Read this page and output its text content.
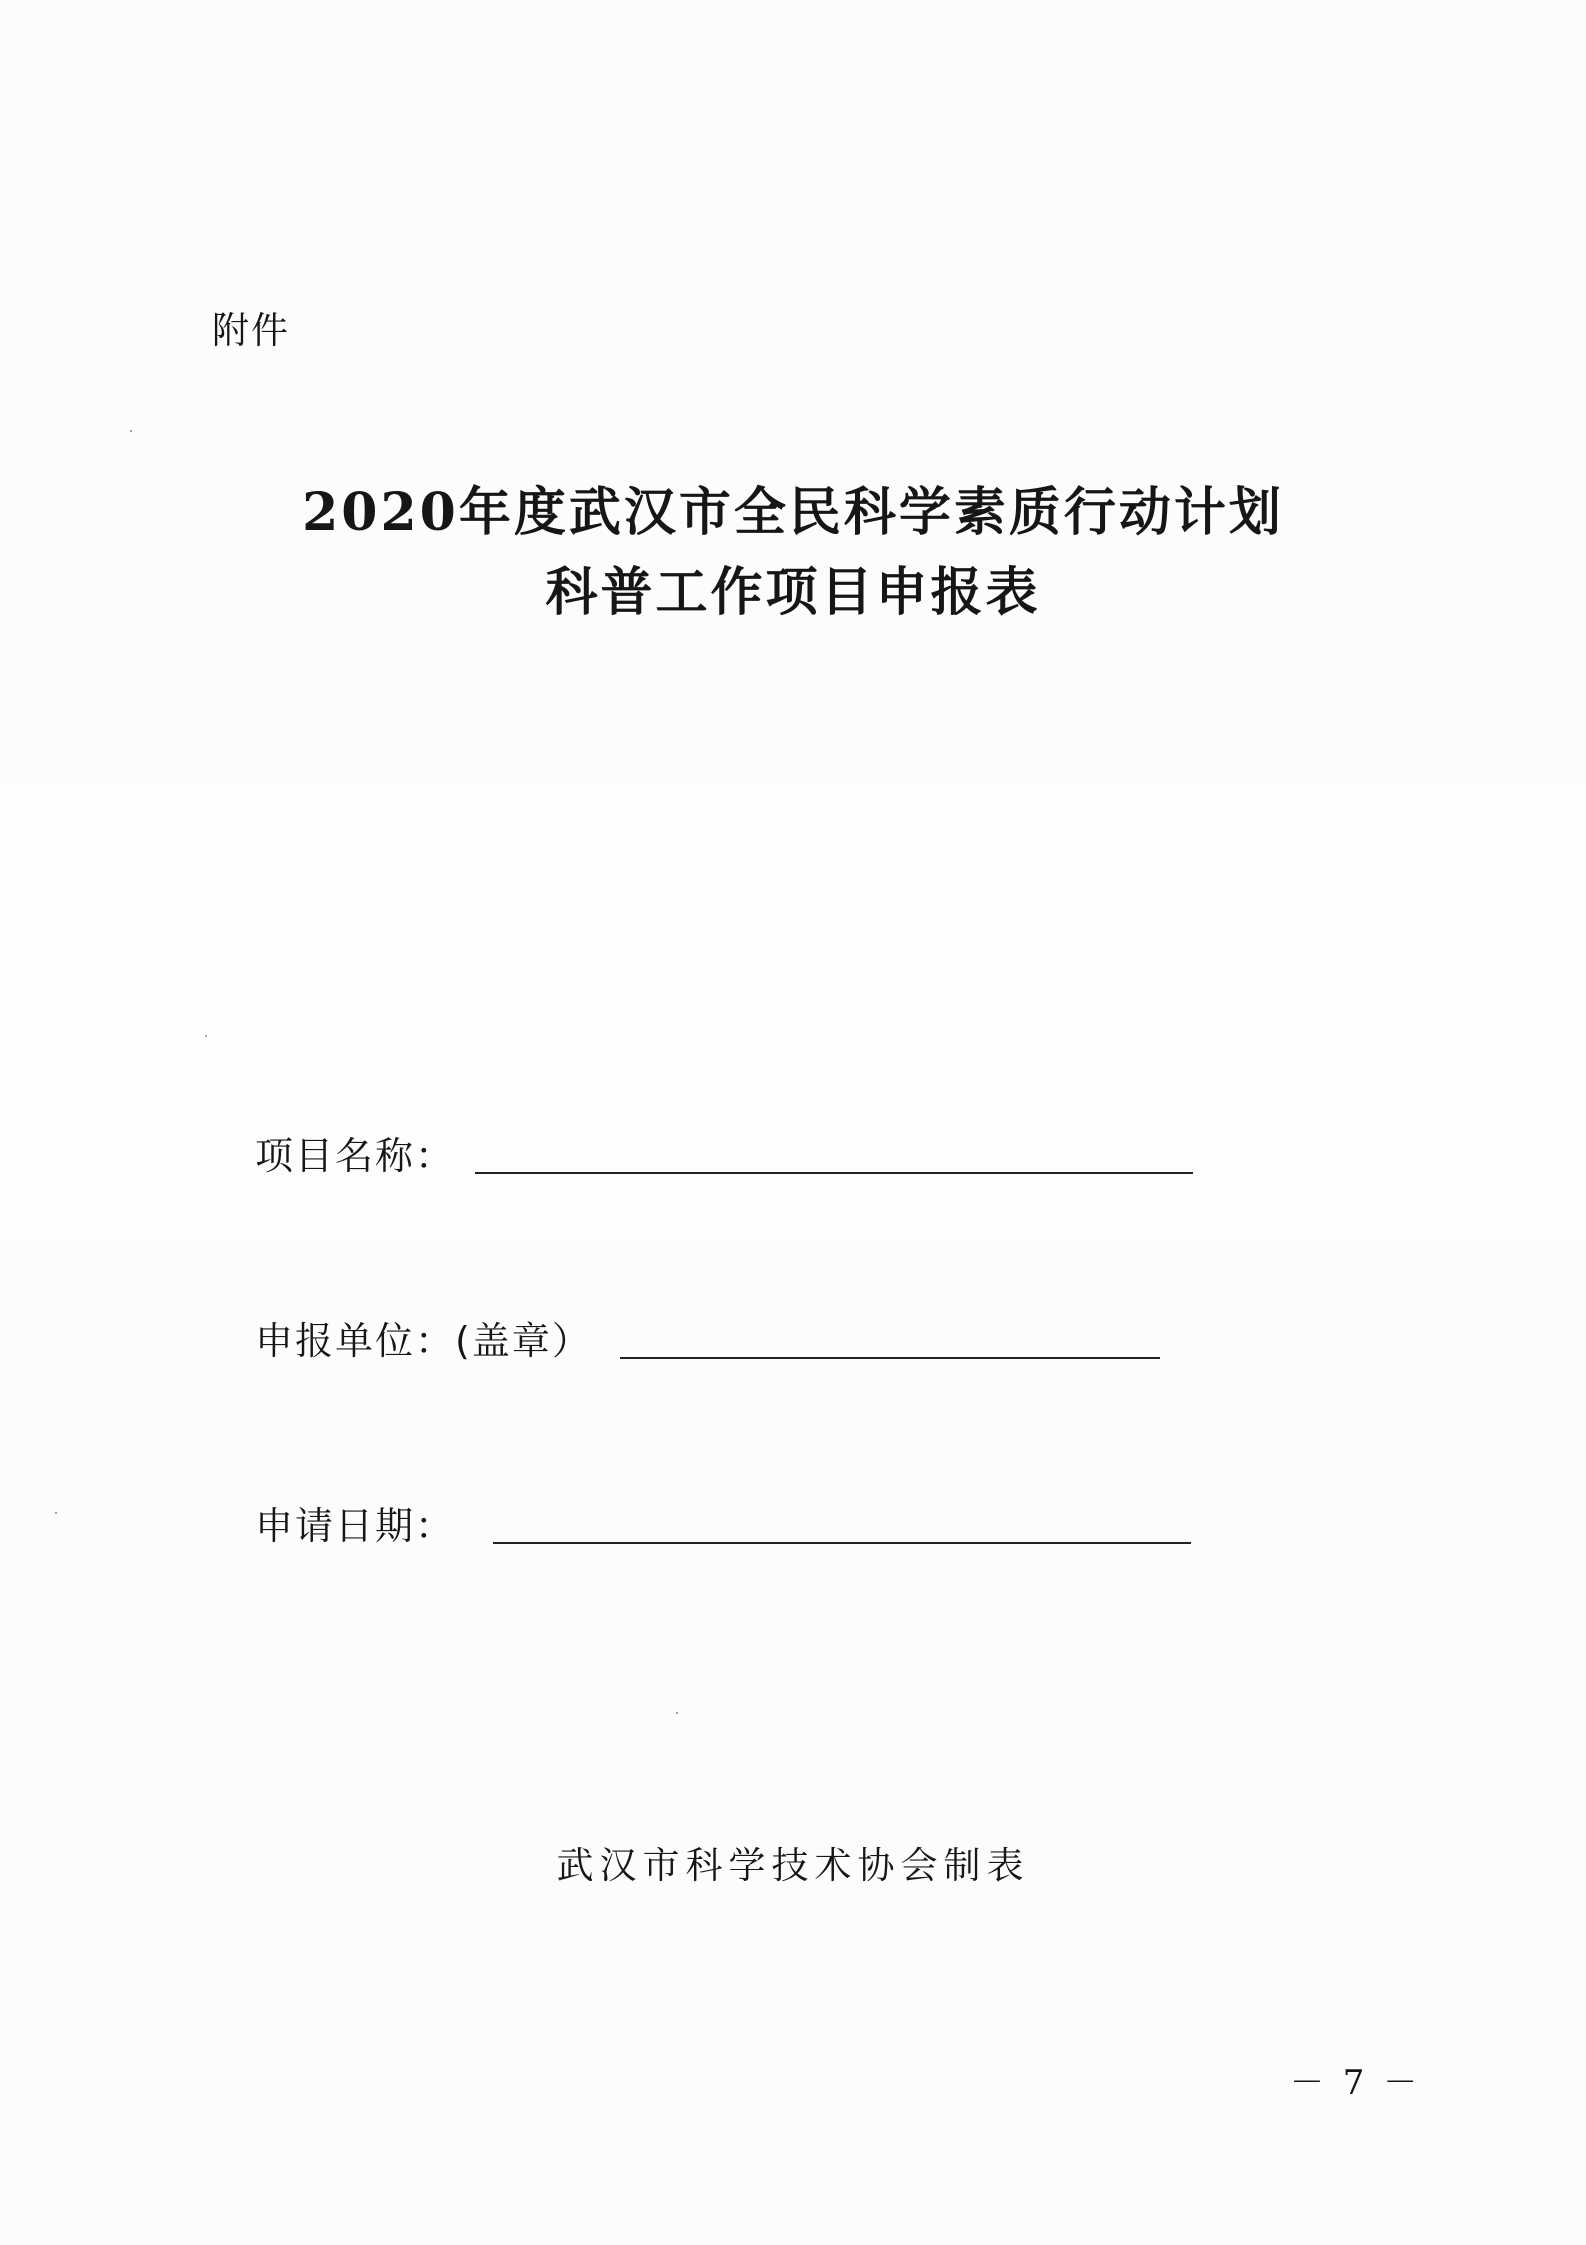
附件
2020年度武汉市全民科学素质行动计划
科普工作项目申报表
项目名称：
申报单位：(盖章）
申请日期：
武汉市科学技术协会制表
－ 7 －
